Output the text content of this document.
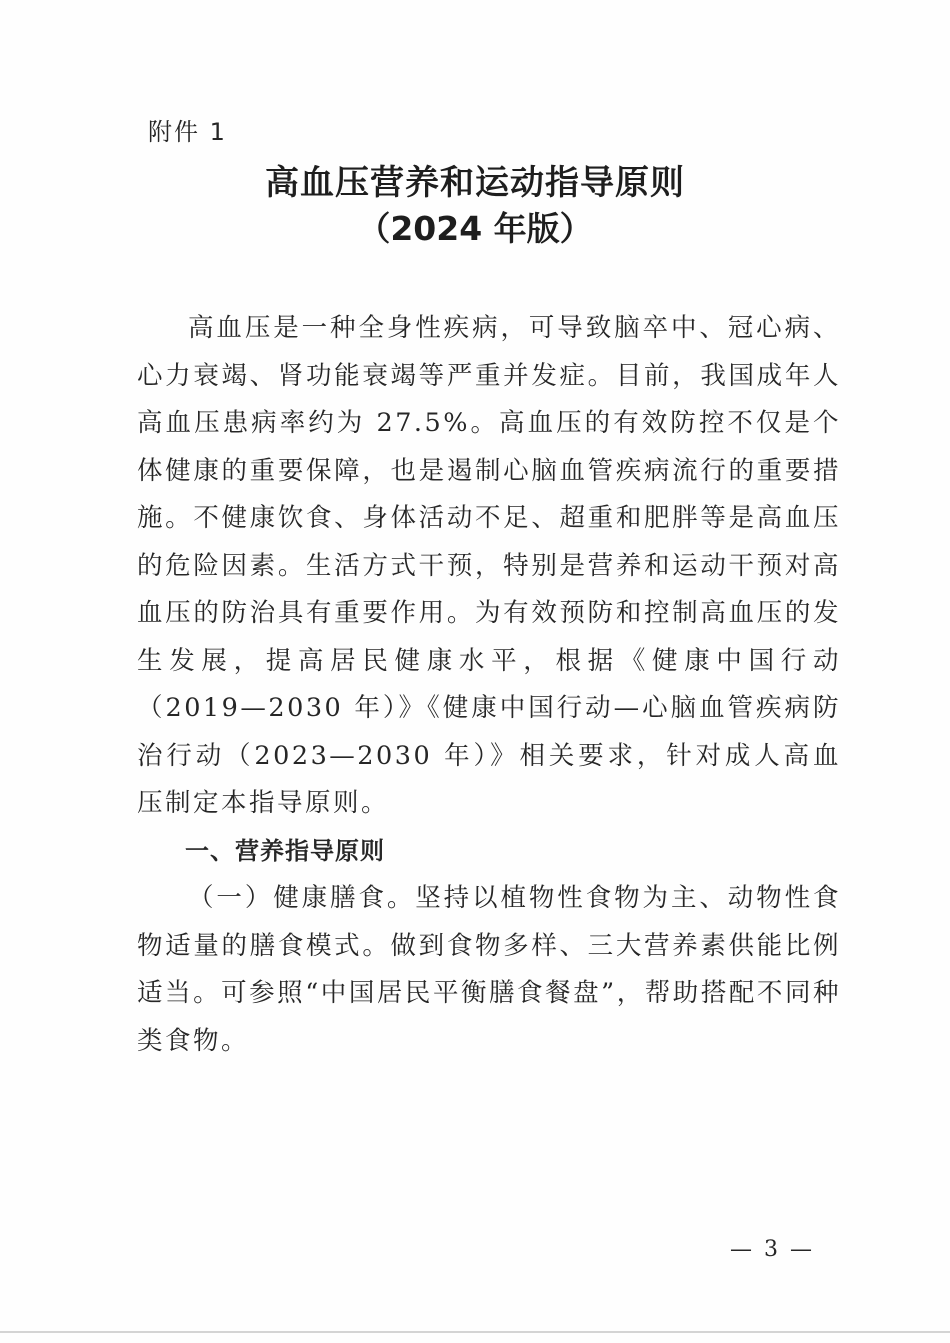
附件 1
高血压营养和运动指导原则
（2024 年版）

高血压是一种全身性疾病，可导致脑卒中、冠心病、心力衰竭、肾功能衰竭等严重并发症。目前，我国成年人高血压患病率约为 27.5%。高血压的有效防控不仅是个体健康的重要保障，也是遏制心脑血管疾病流行的重要措施。不健康饮食、身体活动不足、超重和肥胖等是高血压的危险因素。生活方式干预，特别是营养和运动干预对高血压的防治具有重要作用。为有效预防和控制高血压的发生发展，提高居民健康水平，根据《健康中国行动（2019—2030 年）》《健康中国行动—心脑血管疾病防治行动（2023—2030 年）》相关要求，针对成人高血压制定本指导原则。

一、营养指导原则

（一）健康膳食。坚持以植物性食物为主、动物性食物适量的膳食模式。做到食物多样、三大营养素供能比例适当。可参照“中国居民平衡膳食餐盘”，帮助搭配不同种类食物。

— 3 —
